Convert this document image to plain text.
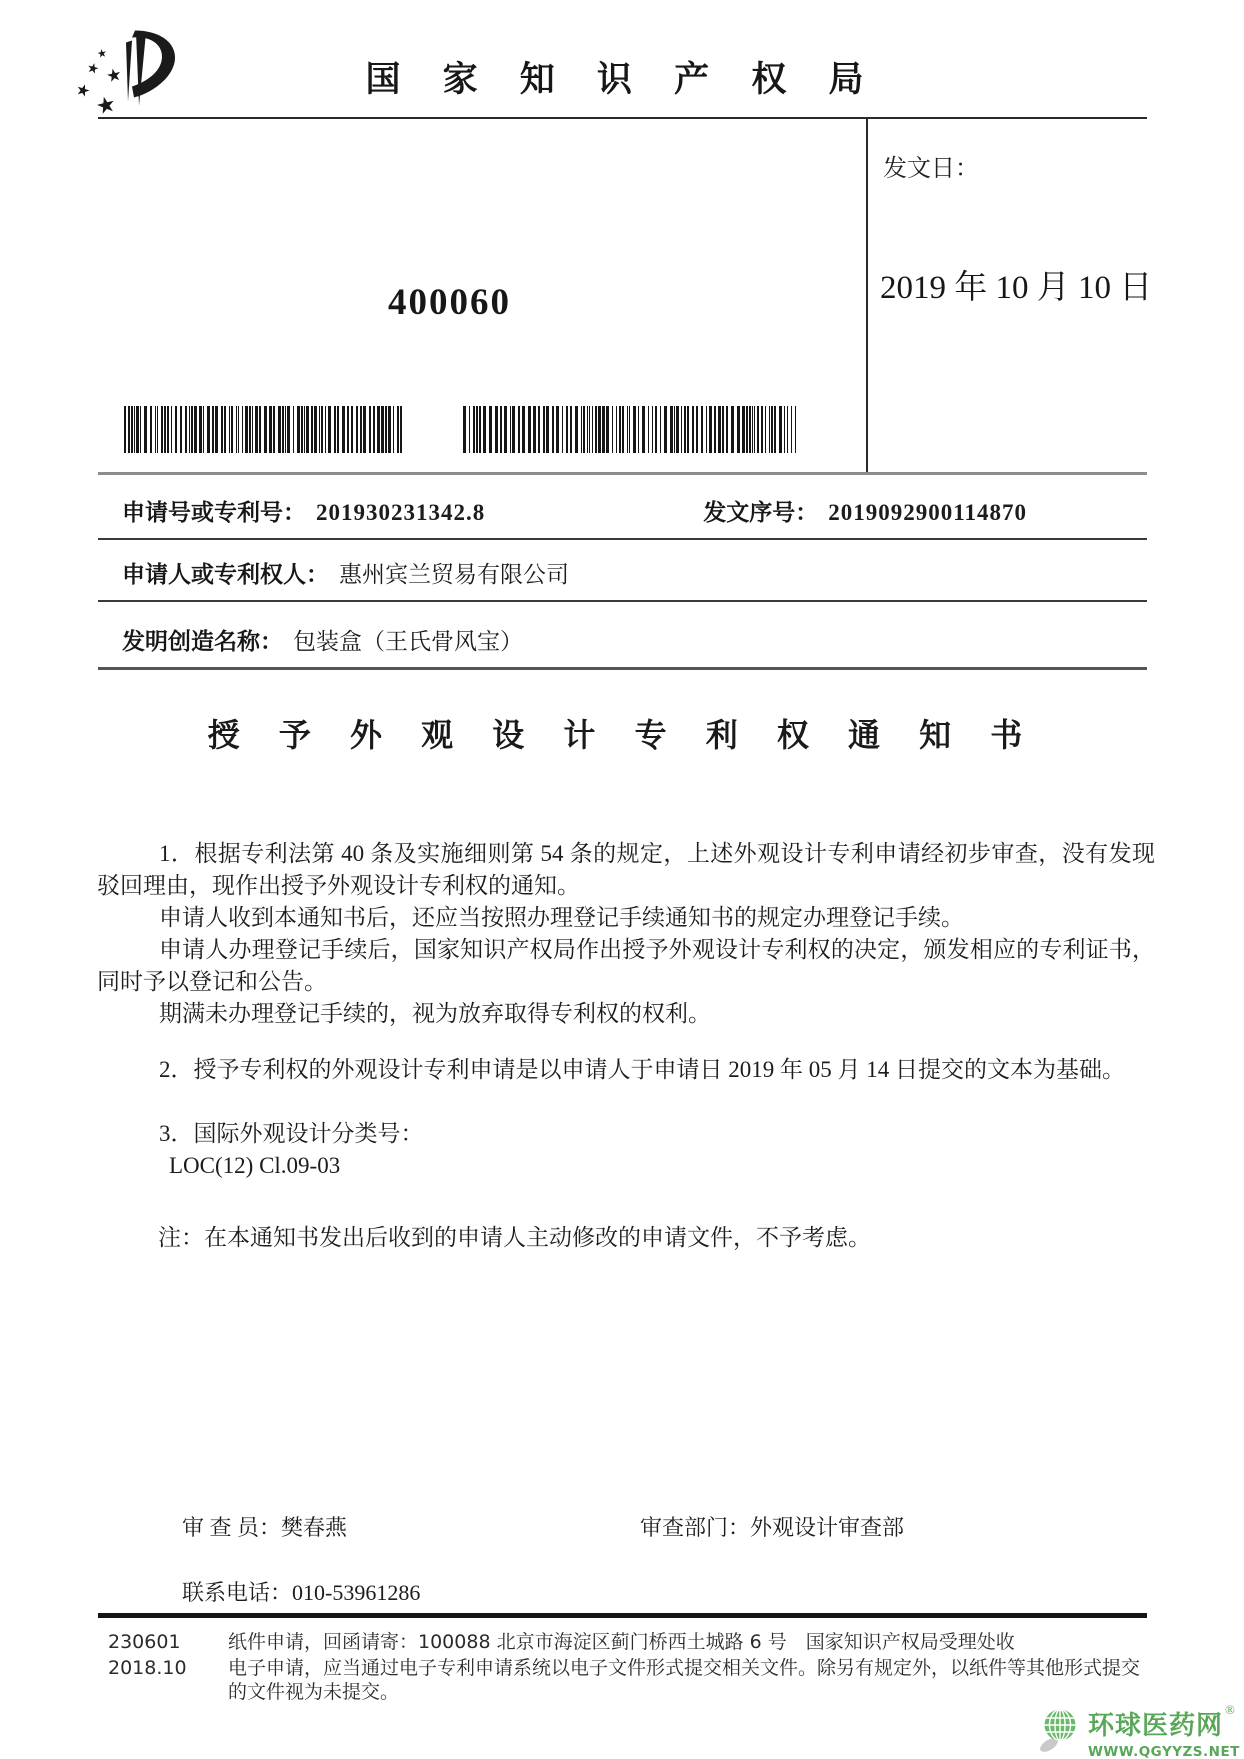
国 家 知 识 产 权 局
400060
发文日：
2019 年 10 月 10 日
申请号或专利号： 201930231342.8	发文序号： 2019092900114870
申请人或专利权人： 惠州宾兰贸易有限公司
发明创造名称： 包装盒（王氏骨风宝）
授 予 外 观 设 计 专 利 权 通 知 书

1．根据专利法第 40 条及实施细则第 54 条的规定，上述外观设计专利申请经初步审查，没有发现驳回理由，现作出授予外观设计专利权的通知。

申请人收到本通知书后，还应当按照办理登记手续通知书的规定办理登记手续。

申请人办理登记手续后，国家知识产权局作出授予外观设计专利权的决定，颁发相应的专利证书，同时予以登记和公告。

期满未办理登记手续的，视为放弃取得专利权的权利。

2．授予专利权的外观设计专利申请是以申请人于申请日 2019 年 05 月 14 日提交的文本为基础。

3．国际外观设计分类号：

LOC(12) Cl.09-03

注：在本通知书发出后收到的申请人主动修改的申请文件，不予考虑。

审 查 员：樊春燕	审查部门：外观设计审查部
联系电话：010-53961286
230601	纸件申请，回函请寄：100088 北京市海淀区蓟门桥西土城路 6 号　国家知识产权局受理处收
2018.10	电子申请，应当通过电子专利申请系统以电子文件形式提交相关文件。除另有规定外，以纸件等其他形式提交的文件视为未提交。
环球医药网
®
WWW.QGYYZS.NET
